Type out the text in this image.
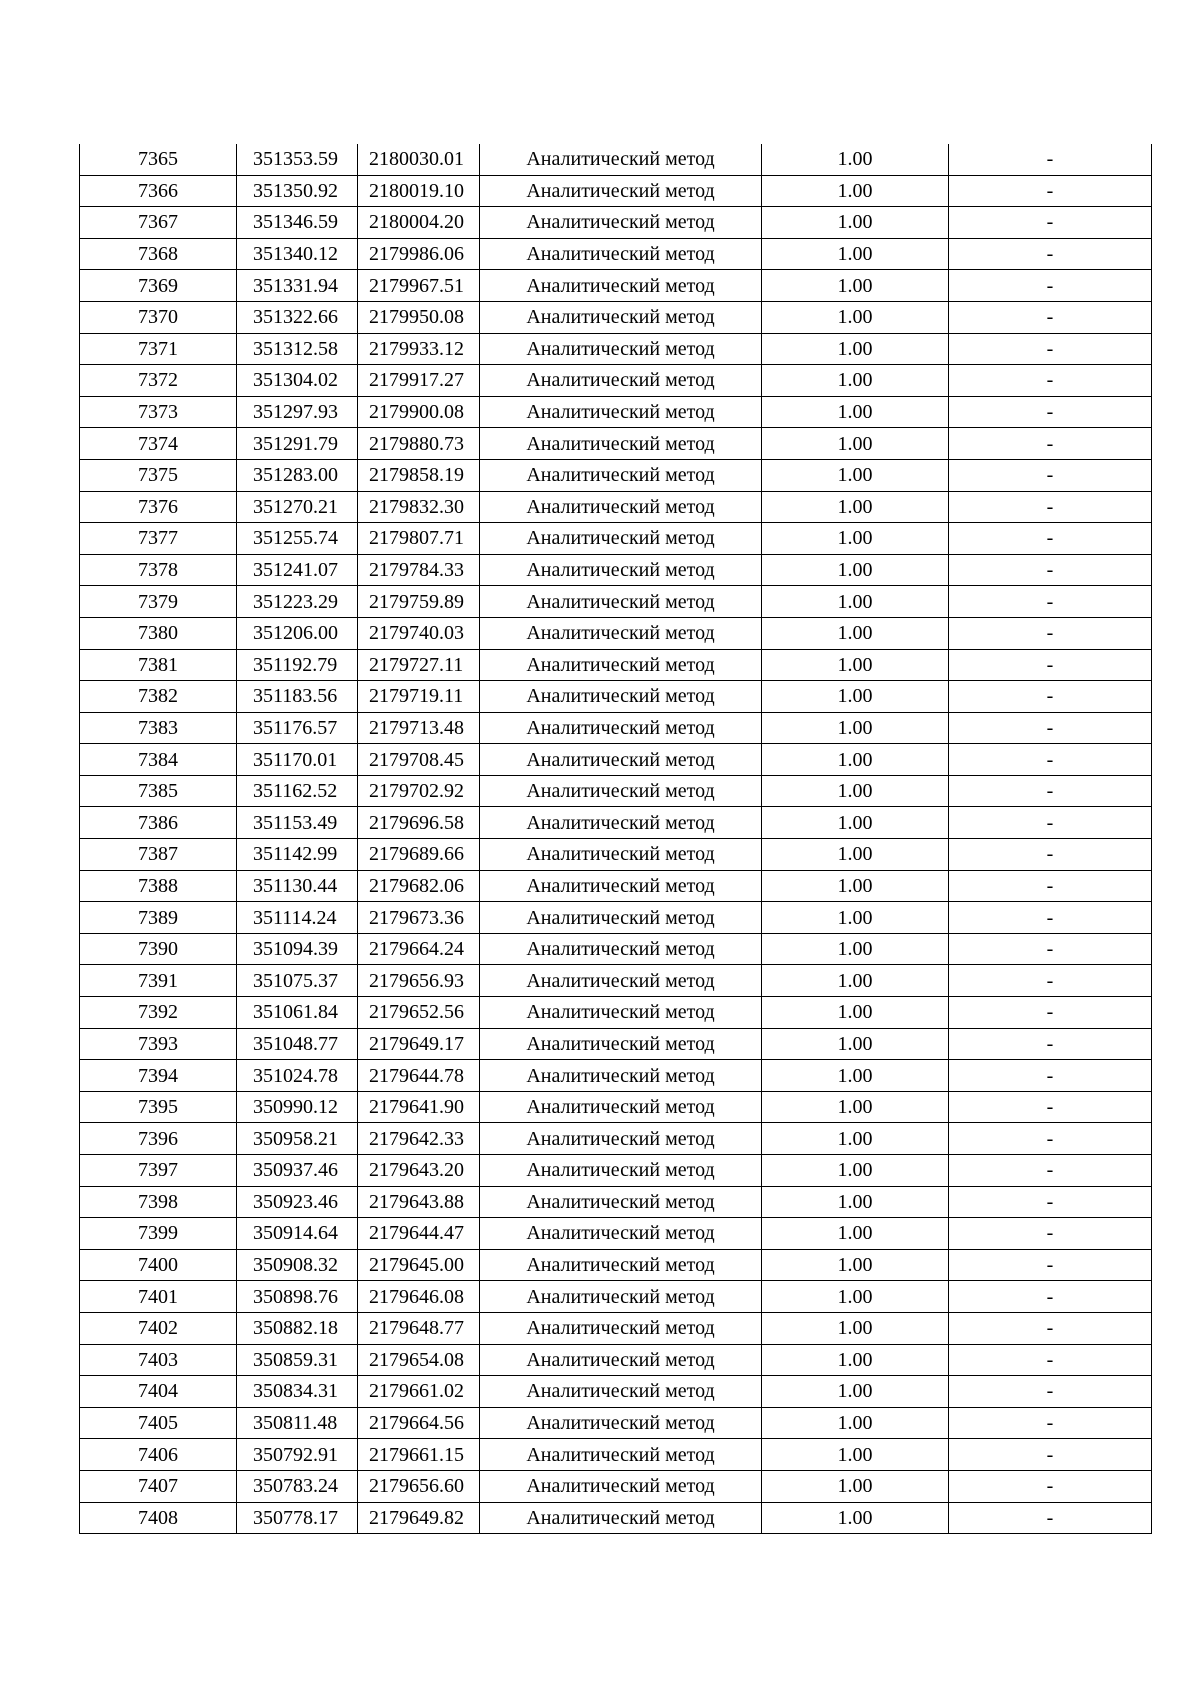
7365	351353.59	2180030.01	Аналитический метод	1.00	-
7366	351350.92	2180019.10	Аналитический метод	1.00	-
7367	351346.59	2180004.20	Аналитический метод	1.00	-
7368	351340.12	2179986.06	Аналитический метод	1.00	-
7369	351331.94	2179967.51	Аналитический метод	1.00	-
7370	351322.66	2179950.08	Аналитический метод	1.00	-
7371	351312.58	2179933.12	Аналитический метод	1.00	-
7372	351304.02	2179917.27	Аналитический метод	1.00	-
7373	351297.93	2179900.08	Аналитический метод	1.00	-
7374	351291.79	2179880.73	Аналитический метод	1.00	-
7375	351283.00	2179858.19	Аналитический метод	1.00	-
7376	351270.21	2179832.30	Аналитический метод	1.00	-
7377	351255.74	2179807.71	Аналитический метод	1.00	-
7378	351241.07	2179784.33	Аналитический метод	1.00	-
7379	351223.29	2179759.89	Аналитический метод	1.00	-
7380	351206.00	2179740.03	Аналитический метод	1.00	-
7381	351192.79	2179727.11	Аналитический метод	1.00	-
7382	351183.56	2179719.11	Аналитический метод	1.00	-
7383	351176.57	2179713.48	Аналитический метод	1.00	-
7384	351170.01	2179708.45	Аналитический метод	1.00	-
7385	351162.52	2179702.92	Аналитический метод	1.00	-
7386	351153.49	2179696.58	Аналитический метод	1.00	-
7387	351142.99	2179689.66	Аналитический метод	1.00	-
7388	351130.44	2179682.06	Аналитический метод	1.00	-
7389	351114.24	2179673.36	Аналитический метод	1.00	-
7390	351094.39	2179664.24	Аналитический метод	1.00	-
7391	351075.37	2179656.93	Аналитический метод	1.00	-
7392	351061.84	2179652.56	Аналитический метод	1.00	-
7393	351048.77	2179649.17	Аналитический метод	1.00	-
7394	351024.78	2179644.78	Аналитический метод	1.00	-
7395	350990.12	2179641.90	Аналитический метод	1.00	-
7396	350958.21	2179642.33	Аналитический метод	1.00	-
7397	350937.46	2179643.20	Аналитический метод	1.00	-
7398	350923.46	2179643.88	Аналитический метод	1.00	-
7399	350914.64	2179644.47	Аналитический метод	1.00	-
7400	350908.32	2179645.00	Аналитический метод	1.00	-
7401	350898.76	2179646.08	Аналитический метод	1.00	-
7402	350882.18	2179648.77	Аналитический метод	1.00	-
7403	350859.31	2179654.08	Аналитический метод	1.00	-
7404	350834.31	2179661.02	Аналитический метод	1.00	-
7405	350811.48	2179664.56	Аналитический метод	1.00	-
7406	350792.91	2179661.15	Аналитический метод	1.00	-
7407	350783.24	2179656.60	Аналитический метод	1.00	-
7408	350778.17	2179649.82	Аналитический метод	1.00	-
